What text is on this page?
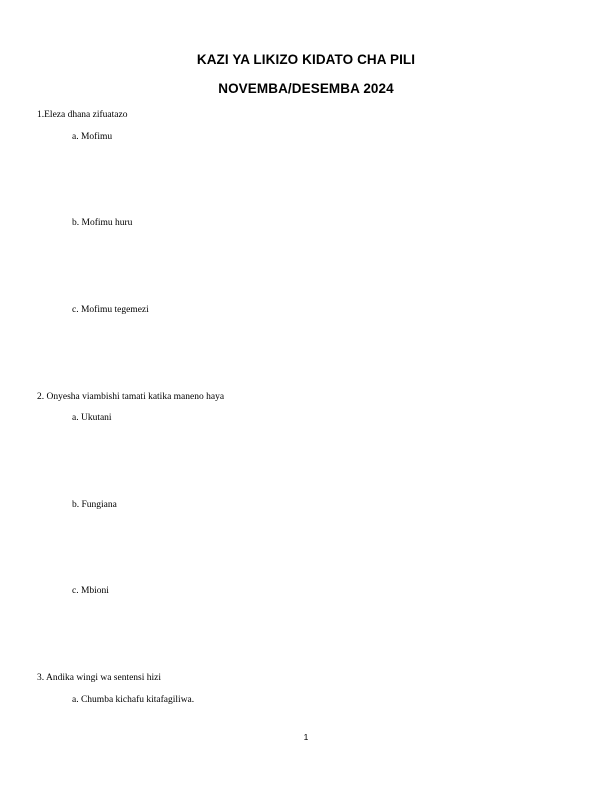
KAZI YA LIKIZO KIDATO CHA PILI
NOVEMBA/DESEMBA 2024
1.Eleza dhana zifuatazo
a. Mofimu
b. Mofimu huru
c. Mofimu tegemezi
2. Onyesha viambishi tamati katika maneno haya
a. Ukutani
b. Fungiana
c. Mbioni
3. Andika wingi wa sentensi hizi
a. Chumba kichafu kitafagiliwa.
1
